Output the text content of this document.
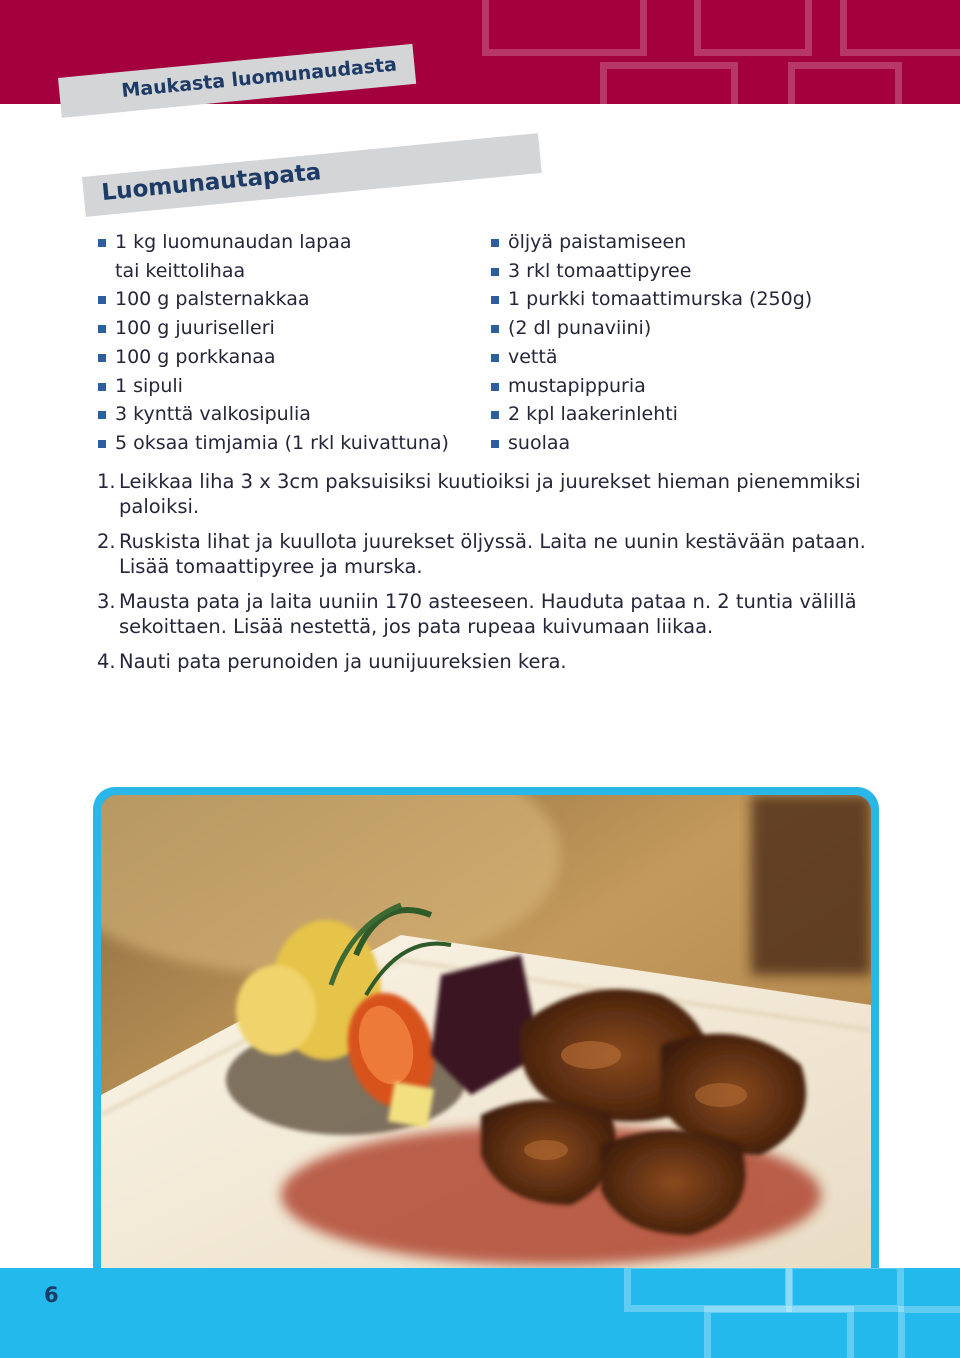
Maukasta luomunaudasta
Luomunautapata
1 kg luomunaudan lapaa
tai keittolihaa
100 g palsternakkaa
100 g juuriselleri
100 g porkkanaa
1 sipuli
3 kynttä valkosipulia
5 oksaa timjamia (1 rkl kuivattuna)
öljyä paistamiseen
3 rkl tomaattipyree
1 purkki tomaattimurska (250g)
(2 dl punaviini)
vettä
mustapippuria
2 kpl laakerinlehti
suolaa
1. Leikkaa liha 3 x 3cm paksuisiksi kuutioiksi ja juurekset hieman pienemmiksi paloiksi.
2. Ruskista lihat ja kuullota juurekset öljyssä. Laita ne uunin kestävään pataan. Lisää tomaattipyree ja murska.
3. Mausta pata ja laita uuniin 170 asteeseen. Hauduta pataa n. 2 tuntia välillä sekoittaen. Lisää nestettä, jos pata rupeaa kuivumaan liikaa.
4. Nauti pata perunoiden ja uunijuureksien kera.
6
